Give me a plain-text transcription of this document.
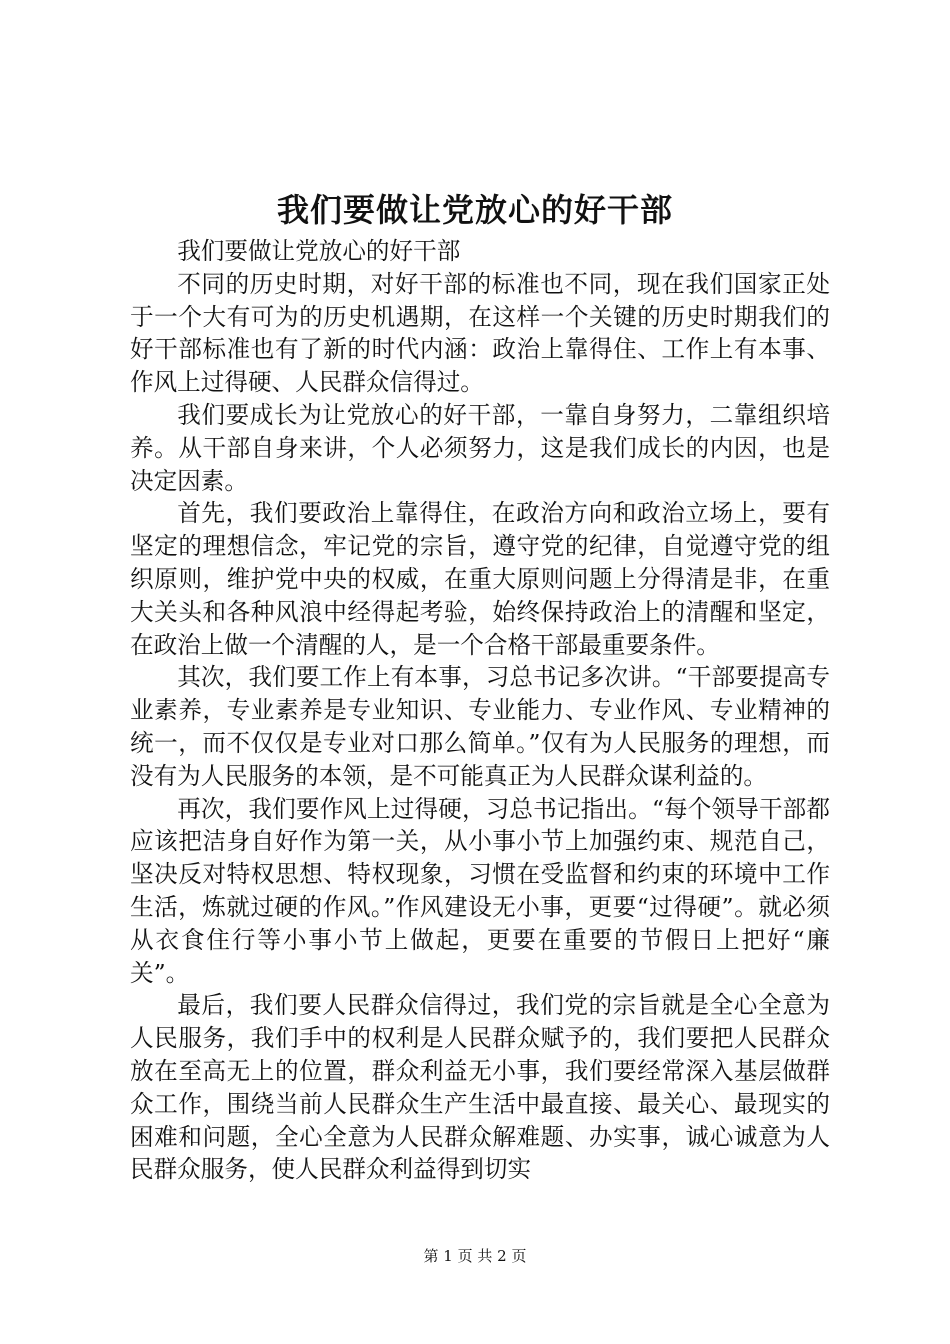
我们要做让党放心的好干部

我们要做让党放心的好干部

不同的历史时期，对好干部的标准也不同，现在我们国家正处于一个大有可为的历史机遇期，在这样一个关键的历史时期我们的好干部标准也有了新的时代内涵：政治上靠得住、工作上有本事、作风上过得硬、人民群众信得过。

我们要成长为让党放心的好干部，一靠自身努力，二靠组织培养。从干部自身来讲，个人必须努力，这是我们成长的内因，也是决定因素。

首先，我们要政治上靠得住，在政治方向和政治立场上，要有坚定的理想信念，牢记党的宗旨，遵守党的纪律，自觉遵守党的组织原则，维护党中央的权威，在重大原则问题上分得清是非，在重大关头和各种风浪中经得起考验，始终保持政治上的清醒和坚定，在政治上做一个清醒的人，是一个合格干部最重要条件。

其次，我们要工作上有本事，习总书记多次讲。“干部要提高专业素养，专业素养是专业知识、专业能力、专业作风、专业精神的统一，而不仅仅是专业对口那么简单。”仅有为人民服务的理想，而没有为人民服务的本领，是不可能真正为人民群众谋利益的。

再次，我们要作风上过得硬，习总书记指出。“每个领导干部都应该把洁身自好作为第一关，从小事小节上加强约束、规范自己，坚决反对特权思想、特权现象，习惯在受监督和约束的环境中工作生活，炼就过硬的作风。”作风建设无小事，更要“过得硬”。就必须从衣食住行等小事小节上做起，更要在重要的节假日上把好“廉关”。

最后，我们要人民群众信得过，我们党的宗旨就是全心全意为人民服务，我们手中的权利是人民群众赋予的，我们要把人民群众放在至高无上的位置，群众利益无小事，我们要经常深入基层做群众工作，围绕当前人民群众生产生活中最直接、最关心、最现实的困难和问题，全心全意为人民群众解难题、办实事，诚心诚意为人民群众服务，使人民群众利益得到切实

第 1 页 共 2 页
